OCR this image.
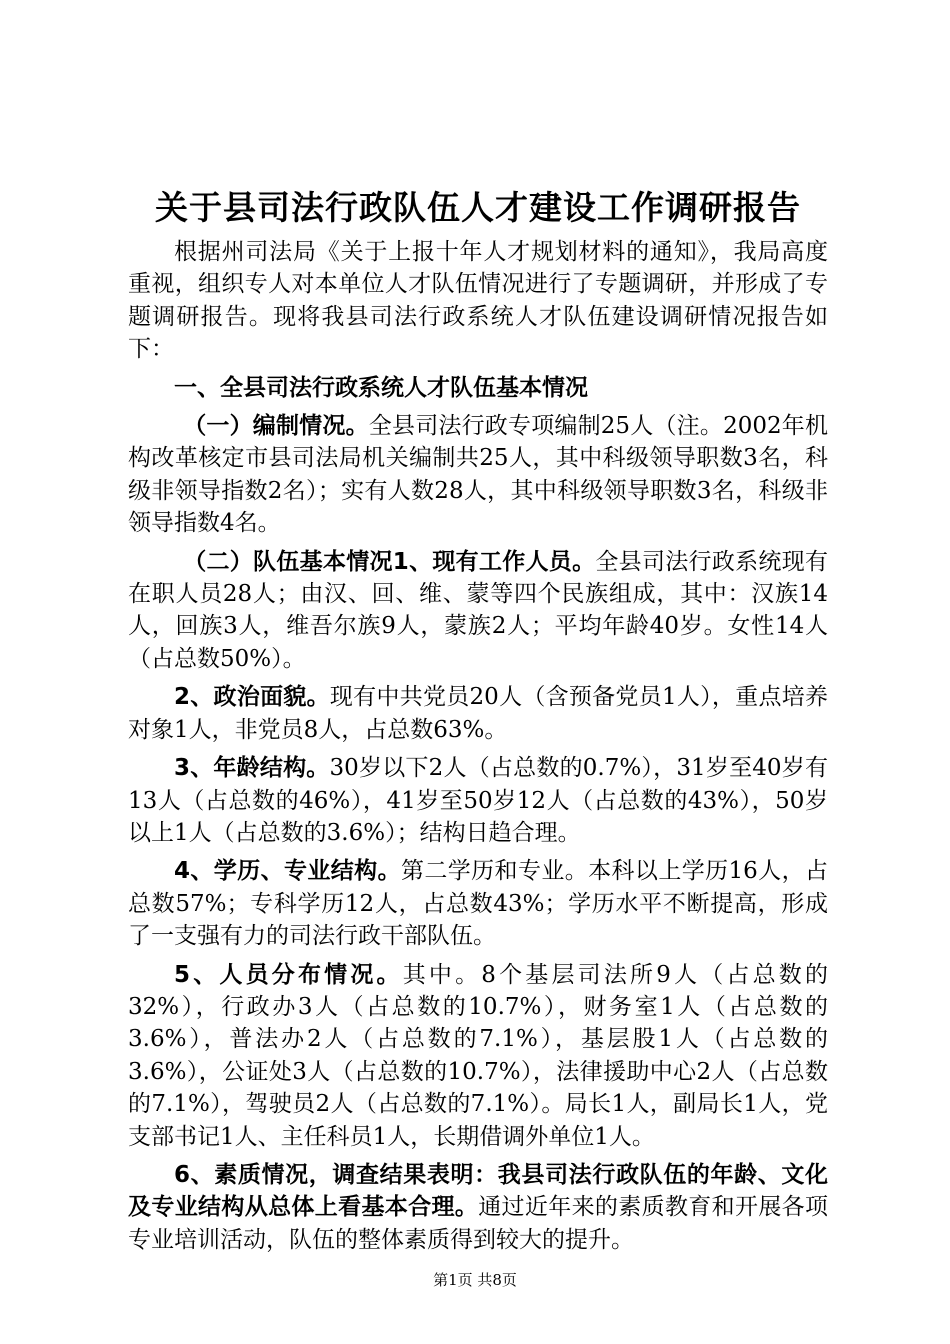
关于县司法行政队伍人才建设工作调研报告

根据州司法局《关于上报十年人才规划材料的通知》，我局高度重视，组织专人对本单位人才队伍情况进行了专题调研，并形成了专题调研报告。现将我县司法行政系统人才队伍建设调研情况报告如下：

一、全县司法行政系统人才队伍基本情况

（一）编制情况。全县司法行政专项编制25人（注。2002年机构改革核定市县司法局机关编制共25人，其中科级领导职数3名，科级非领导指数2名）；实有人数28人，其中科级领导职数3名，科级非领导指数4名。

（二）队伍基本情况1、现有工作人员。全县司法行政系统现有在职人员28人；由汉、回、维、蒙等四个民族组成，其中：汉族14人，回族3人，维吾尔族9人，蒙族2人；平均年龄40岁。女性14人（占总数50%）。

2、政治面貌。现有中共党员20人（含预备党员1人），重点培养对象1人，非党员8人，占总数63%。

3、年龄结构。30岁以下2人（占总数的0.7%），31岁至40岁有13人（占总数的46%），41岁至50岁12人（占总数的43%），50岁以上1人（占总数的3.6%）；结构日趋合理。

4、学历、专业结构。第二学历和专业。本科以上学历16人，占总数57%；专科学历12人，占总数43%；学历水平不断提高，形成了一支强有力的司法行政干部队伍。

5、人员分布情况。其中。8个基层司法所9人（占总数的32%），行政办3人（占总数的10.7%），财务室1人（占总数的3.6%），普法办2人（占总数的7.1%），基层股1人（占总数的3.6%），公证处3人（占总数的10.7%），法律援助中心2人（占总数的7.1%），驾驶员2人（占总数的7.1%）。局长1人，副局长1人，党支部书记1人、主任科员1人，长期借调外单位1人。

6、素质情况，调查结果表明：我县司法行政队伍的年龄、文化及专业结构从总体上看基本合理。通过近年来的素质教育和开展各项专业培训活动，队伍的整体素质得到较大的提升。

第1页 共8页
